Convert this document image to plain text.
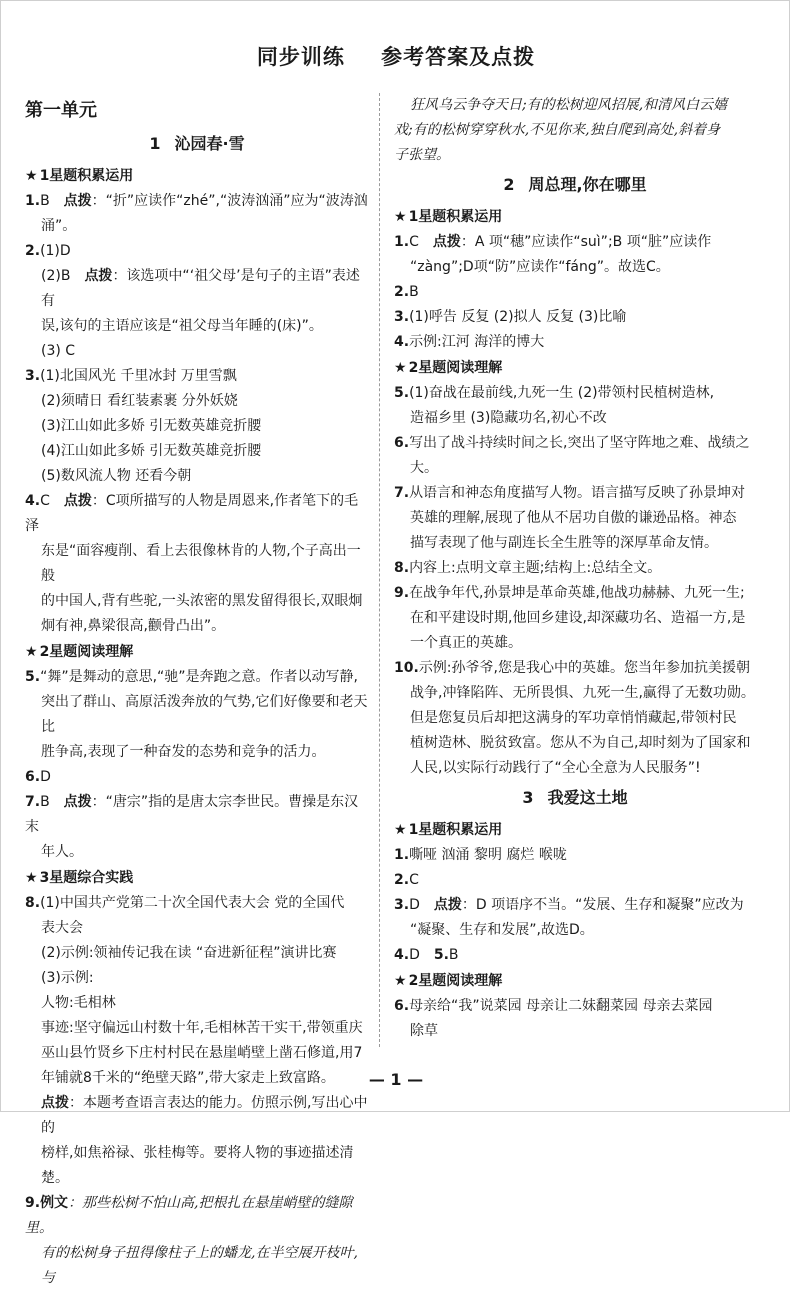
同步训练 参考答案及点拨
第一单元
1 沁园春·雪
★ 1星题积累运用
1.B 点拨：“折”应读作“zhé”,“波涛汹涌”应为“波涛汹
涌”。
2.(1)D
(2)B 点拨：该选项中“‘祖父母’是句子的主语”表述有
误,该句的主语应该是“祖父母当年睡的(床)”。
(3) C
3.(1)北国风光 千里冰封 万里雪飘
(2)须晴日 看红装素裹 分外妖娆
(3)江山如此多娇 引无数英雄竞折腰
(4)江山如此多娇 引无数英雄竞折腰
(5)数风流人物 还看今朝
4.C 点拨：C项所描写的人物是周恩来,作者笔下的毛泽
东是“面容瘦削、看上去很像林肯的人物,个子高出一般
的中国人,背有些驼,一头浓密的黑发留得很长,双眼炯
炯有神,鼻梁很高,颧骨凸出”。
★ 2星题阅读理解
5.“舞”是舞动的意思,“驰”是奔跑之意。作者以动写静,
突出了群山、高原活泼奔放的气势,它们好像要和老天比
胜争高,表现了一种奋发的态势和竞争的活力。
6.D
7.B 点拨：“唐宗”指的是唐太宗李世民。曹操是东汉末
年人。
★ 3星题综合实践
8.(1)中国共产党第二十次全国代表大会 党的全国代
表大会
(2)示例:领袖传记我在读 “奋进新征程”演讲比赛
(3)示例:
人物:毛相林
事迹:坚守偏远山村数十年,毛相林苦干实干,带领重庆
巫山县竹贤乡下庄村村民在悬崖峭壁上凿石修道,用7
年铺就8千米的“绝壁天路”,带大家走上致富路。
点拨：本题考查语言表达的能力。仿照示例,写出心中的
榜样,如焦裕禄、张桂梅等。要将人物的事迹描述清楚。
9.例文：那些松树不怕山高,把根扎在悬崖峭壁的缝隙里。
有的松树身子扭得像柱子上的蟠龙,在半空展开枝叶,与
狂风乌云争夺天日;有的松树迎风招展,和清风白云嬉
戏;有的松树穿穿秋水,不见你来,独自爬到高处,斜着身
子张望。
2 周总理,你在哪里
★ 1星题积累运用
1.C 点拨：A 项“穗”应读作“suì”;B 项“脏”应读作
“zàng”;D项“防”应读作“fáng”。故选C。
2.B
3.(1)呼告 反复 (2)拟人 反复 (3)比喻
4.示例:江河 海洋的博大
★ 2星题阅读理解
5.(1)奋战在最前线,九死一生 (2)带领村民植树造林,
造福乡里 (3)隐藏功名,初心不改
6.写出了战斗持续时间之长,突出了坚守阵地之难、战绩之
大。
7.从语言和神态角度描写人物。语言描写反映了孙景坤对
英雄的理解,展现了他从不居功自傲的谦逊品格。神态
描写表现了他与副连长全生胜等的深厚革命友情。
8.内容上:点明文章主题;结构上:总结全文。
9.在战争年代,孙景坤是革命英雄,他战功赫赫、九死一生;
在和平建设时期,他回乡建设,却深藏功名、造福一方,是
一个真正的英雄。
10.示例:孙爷爷,您是我心中的英雄。您当年参加抗美援朝
战争,冲锋陷阵、无所畏惧、九死一生,赢得了无数功勋。
但是您复员后却把这满身的军功章悄悄藏起,带领村民
植树造林、脱贫致富。您从不为自己,却时刻为了国家和
人民,以实际行动践行了“全心全意为人民服务”!
3 我爱这土地
★ 1星题积累运用
1.嘶哑 汹涌 黎明 腐烂 喉咙
2.C
3.D 点拨：D 项语序不当。“发展、生存和凝聚”应改为
“凝聚、生存和发展”,故选D。
4.D 5.B
★ 2星题阅读理解
6.母亲给“我”说菜园 母亲让二妹翻菜园 母亲去菜园
除草
— 1 —
